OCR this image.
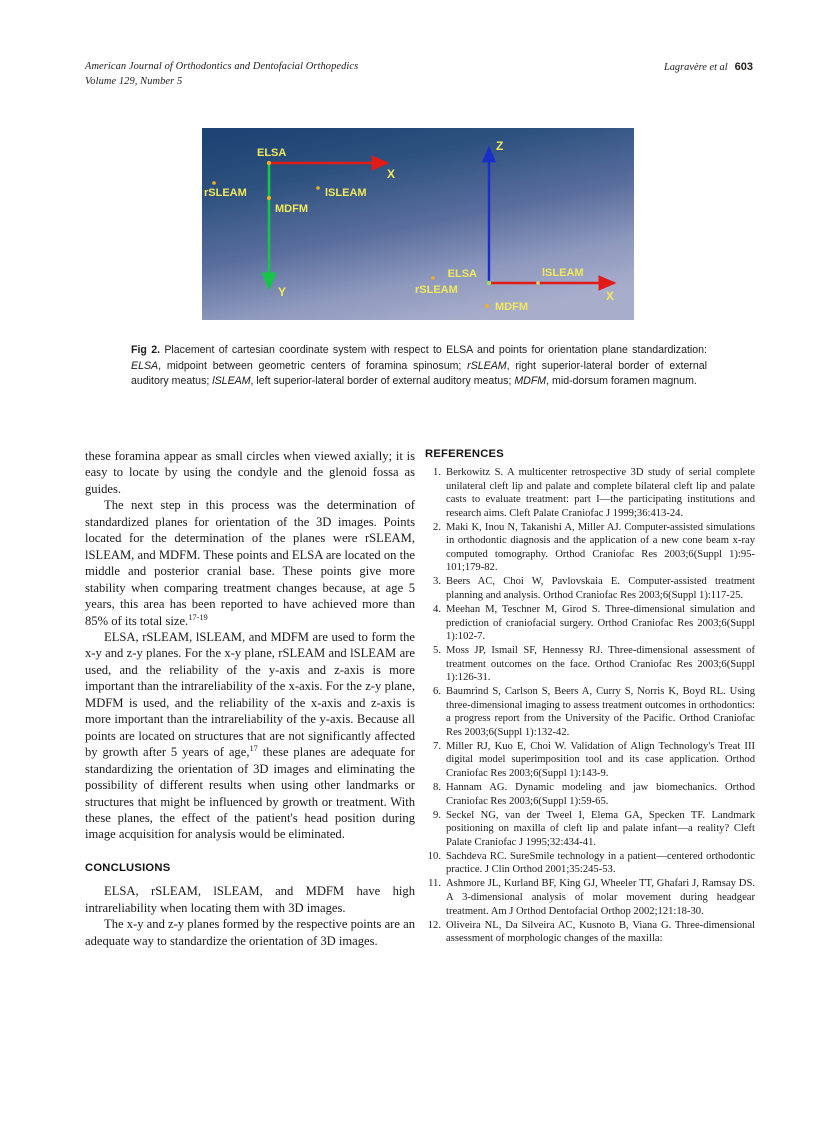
American Journal of Orthodontics and Dentofacial Orthopedics
Volume 129, Number 5
Lagravère et al 603
ELSA
rSLEAM	lSLEAM
MDFM
X
Y
ELSA
rSLEAM
lSLEAM
MDFM
Z
X
Fig 2. Placement of cartesian coordinate system with respect to ELSA and points for orientation plane standardization: ELSA, midpoint between geometric centers of foramina spinosum; rSLEAM, right superior-lateral border of external auditory meatus; lSLEAM, left superior-lateral border of external auditory meatus; MDFM, mid-dorsum foramen magnum.

these foramina appear as small circles when viewed axially; it is easy to locate by using the condyle and the glenoid fossa as guides.

The next step in this process was the determination of standardized planes for orientation of the 3D images. Points located for the determination of the planes were rSLEAM, lSLEAM, and MDFM. These points and ELSA are located on the middle and posterior cranial base. These points give more stability when comparing treatment changes because, at age 5 years, this area has been reported to have achieved more than 85% of its total size.$^{17-19}$

ELSA, rSLEAM, lSLEAM, and MDFM are used to form the x-y and z-y planes. For the x-y plane, rSLEAM and lSLEAM are used, and the reliability of the y-axis and z-axis is more important than the intrareliability of the x-axis. For the z-y plane, MDFM is used, and the reliability of the x-axis and z-axis is more important than the intrareliability of the y-axis. Because all points are located on structures that are not significantly affected by growth after 5 years of age,$^{17}$ these planes are adequate for standardizing the orientation of 3D images and eliminating the possibility of different results when using other landmarks or structures that might be influenced by growth or treatment. With these planes, the effect of the patient's head position during image acquisition for analysis would be eliminated.

CONCLUSIONS

ELSA, rSLEAM, lSLEAM, and MDFM have high intrareliability when locating them with 3D images.

The x-y and z-y planes formed by the respective points are an adequate way to standardize the orientation of 3D images.

REFERENCES
1. Berkowitz S. A multicenter retrospective 3D study of serial complete unilateral cleft lip and palate and complete bilateral cleft lip and palate casts to evaluate treatment: part I—the participating institutions and research aims. Cleft Palate Craniofac J 1999;36:413-24.
2. Maki K, Inou N, Takanishi A, Miller AJ. Computer-assisted simulations in orthodontic diagnosis and the application of a new cone beam x-ray computed tomography. Orthod Craniofac Res 2003;6(Suppl 1):95-101;179-82.
3. Beers AC, Choi W, Pavlovskaia E. Computer-assisted treatment planning and analysis. Orthod Craniofac Res 2003;6(Suppl 1):117-25.
4. Meehan M, Teschner M, Girod S. Three-dimensional simulation and prediction of craniofacial surgery. Orthod Craniofac Res 2003;6(Suppl 1):102-7.
5. Moss JP, Ismail SF, Hennessy RJ. Three-dimensional assessment of treatment outcomes on the face. Orthod Craniofac Res 2003;6(Suppl 1):126-31.
6. Baumrind S, Carlson S, Beers A, Curry S, Norris K, Boyd RL. Using three-dimensional imaging to assess treatment outcomes in orthodontics: a progress report from the University of the Pacific. Orthod Craniofac Res 2003;6(Suppl 1):132-42.
7. Miller RJ, Kuo E, Choi W. Validation of Align Technology's Treat III digital model superimposition tool and its case application. Orthod Craniofac Res 2003;6(Suppl 1):143-9.
8. Hannam AG. Dynamic modeling and jaw biomechanics. Orthod Craniofac Res 2003;6(Suppl 1):59-65.
9. Seckel NG, van der Tweel I, Elema GA, Specken TF. Landmark positioning on maxilla of cleft lip and palate infant—a reality? Cleft Palate Craniofac J 1995;32:434-41.
10. Sachdeva RC. SureSmile technology in a patient—centered orthodontic practice. J Clin Orthod 2001;35:245-53.
11. Ashmore JL, Kurland BF, King GJ, Wheeler TT, Ghafari J, Ramsay DS. A 3-dimensional analysis of molar movement during headgear treatment. Am J Orthod Dentofacial Orthop 2002;121:18-30.
12. Oliveira NL, Da Silveira AC, Kusnoto B, Viana G. Three-dimensional assessment of morphologic changes of the maxilla:
